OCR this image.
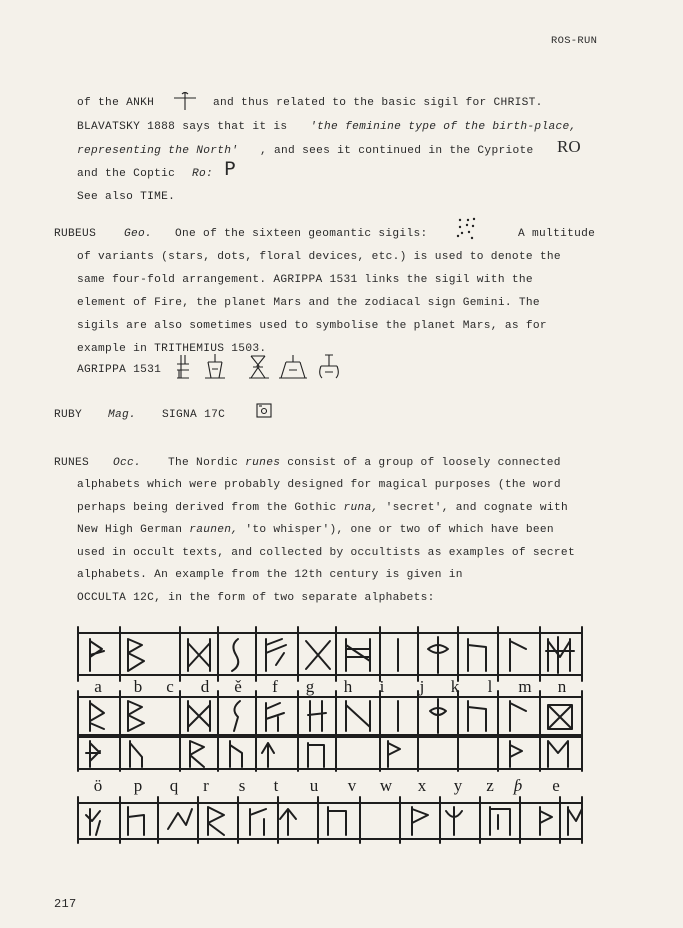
ROS-RUN
of the ANKH	and thus related to the basic sigil for CHRIST.
BLAVATSKY 1888 says that it is 'the feminine type of the birth-place,
representing the North' , and sees it continued in the Cypriote RO
and the Coptic Ro: P
See also TIME.
RUBEUS Geo. One of the sixteen geomantic sigils:	A multitude
of variants (stars, dots, floral devices, etc.) is used to denote the
same four-fold arrangement. AGRIPPA 1531 links the sigil with the
element of Fire, the planet Mars and the zodiacal sign Gemini. The
sigils are also sometimes used to symbolise the planet Mars, as for
example in TRITHEMIUS 1503.
AGRIPPA 1531
RUBY Mag. SIGNA 17C
RUNES Occ. The Nordic runes consist of a group of loosely connected
alphabets which were probably designed for magical purposes (the word
perhaps being derived from the Gothic runa, 'secret', and cognate with
New High German raunen, 'to whisper'), one or two of which have been
used in occult texts, and collected by occultists as examples of secret
alphabets. An example from the 12th century is given in
OCCULTA 12C, in the form of two separate alphabets:
a b c d ě f g h i j k l m n
ö p q r s t u v w x y z ƥ e
217
